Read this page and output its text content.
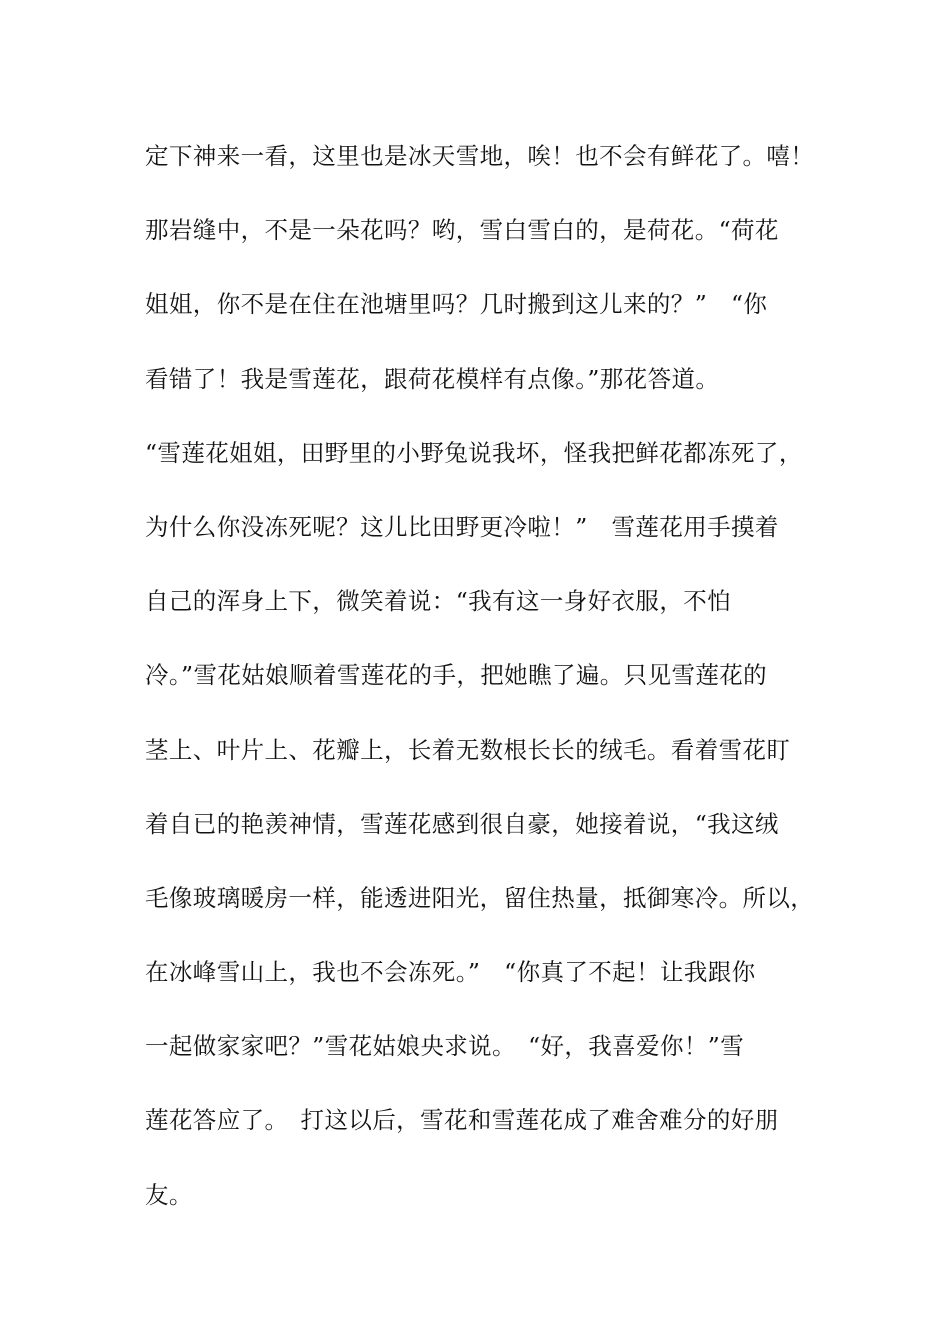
定下神来一看，这里也是冰天雪地，唉！也不会有鲜花了。嘻！
那岩缝中，不是一朵花吗？哟，雪白雪白的，是荷花。“荷花
姐姐，你不是在住在池塘里吗？几时搬到这儿来的？”　“你
看错了！我是雪莲花，跟荷花模样有点像。”那花答道。
“雪莲花姐姐，田野里的小野兔说我坏，怪我把鲜花都冻死了，
为什么你没冻死呢？这儿比田野更冷啦！”　雪莲花用手摸着
自己的浑身上下，微笑着说：“我有这一身好衣服，不怕
冷。”雪花姑娘顺着雪莲花的手，把她瞧了遍。只见雪莲花的
茎上、叶片上、花瓣上，长着无数根长长的绒毛。看着雪花盯
着自已的艳羡神情，雪莲花感到很自豪，她接着说，“我这绒
毛像玻璃暖房一样，能透进阳光，留住热量，抵御寒冷。所以，
在冰峰雪山上，我也不会冻死。”　“你真了不起！让我跟你
一起做家家吧？”雪花姑娘央求说。　“好，我喜爱你！”雪
莲花答应了。　打这以后，雪花和雪莲花成了难舍难分的好朋
友。
